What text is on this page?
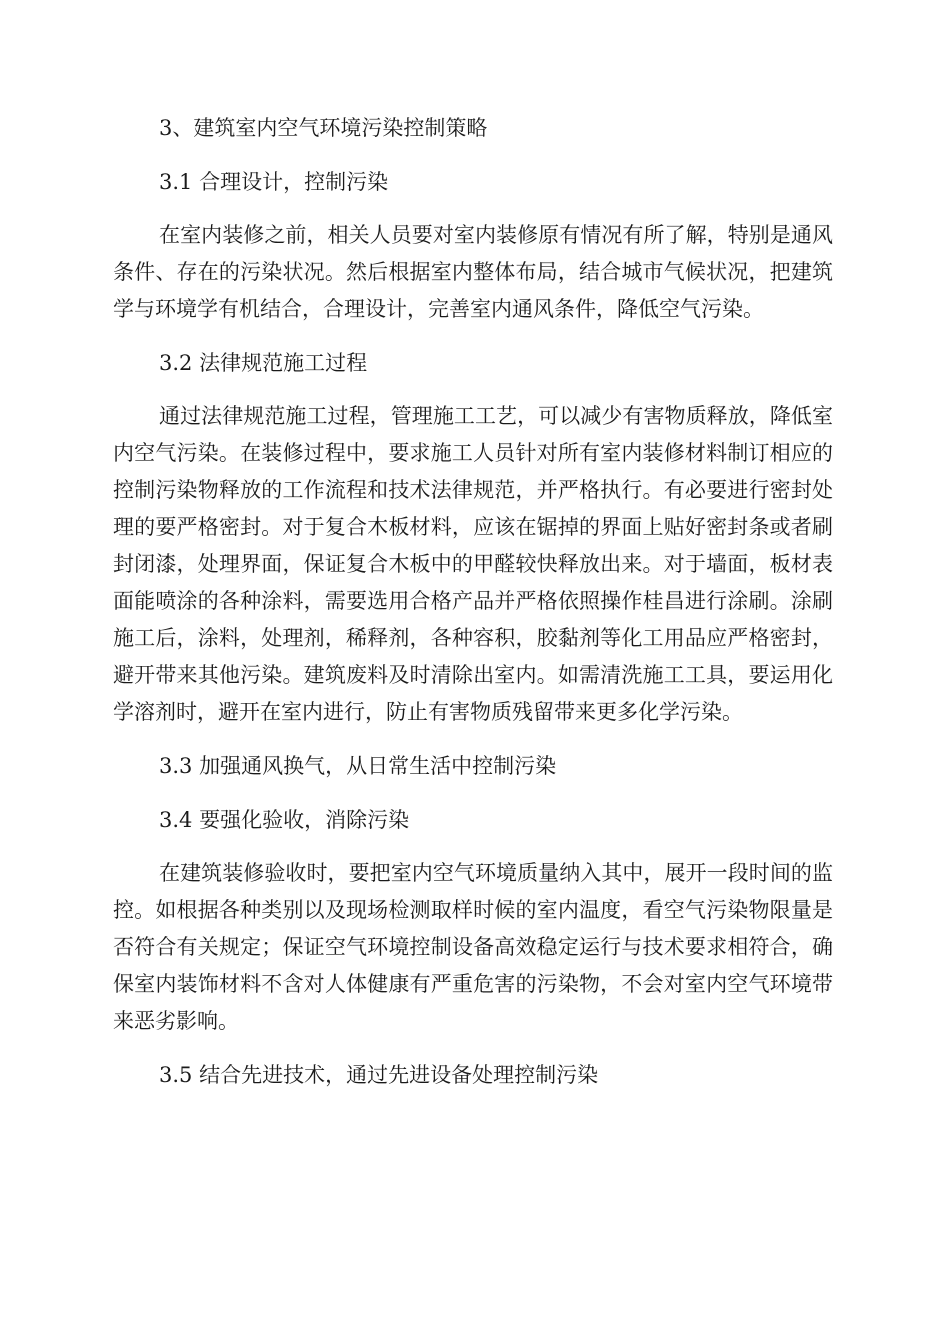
3、建筑室内空气环境污染控制策略

3.1 合理设计，控制污染

在室内装修之前，相关人员要对室内装修原有情况有所了解，特别是通风条件、存在的污染状况。然后根据室内整体布局，结合城市气候状况，把建筑学与环境学有机结合，合理设计，完善室内通风条件，降低空气污染。

3.2 法律规范施工过程

通过法律规范施工过程，管理施工工艺，可以减少有害物质释放，降低室内空气污染。在装修过程中，要求施工人员针对所有室内装修材料制订相应的控制污染物释放的工作流程和技术法律规范，并严格执行。有必要进行密封处理的要严格密封。对于复合木板材料，应该在锯掉的界面上贴好密封条或者刷封闭漆，处理界面，保证复合木板中的甲醛较快释放出来。对于墙面，板材表面能喷涂的各种涂料，需要选用合格产品并严格依照操作桂昌进行涂刷。涂刷施工后，涂料，处理剂，稀释剂，各种容积，胶黏剂等化工用品应严格密封，避开带来其他污染。建筑废料及时清除出室内。如需清洗施工工具，要运用化学溶剂时，避开在室内进行，防止有害物质残留带来更多化学污染。

3.3 加强通风换气，从日常生活中控制污染

3.4 要强化验收，消除污染

在建筑装修验收时，要把室内空气环境质量纳入其中，展开一段时间的监控。如根据各种类别以及现场检测取样时候的室内温度，看空气污染物限量是否符合有关规定；保证空气环境控制设备高效稳定运行与技术要求相符合，确保室内装饰材料不含对人体健康有严重危害的污染物，不会对室内空气环境带来恶劣影响。

3.5 结合先进技术，通过先进设备处理控制污染
